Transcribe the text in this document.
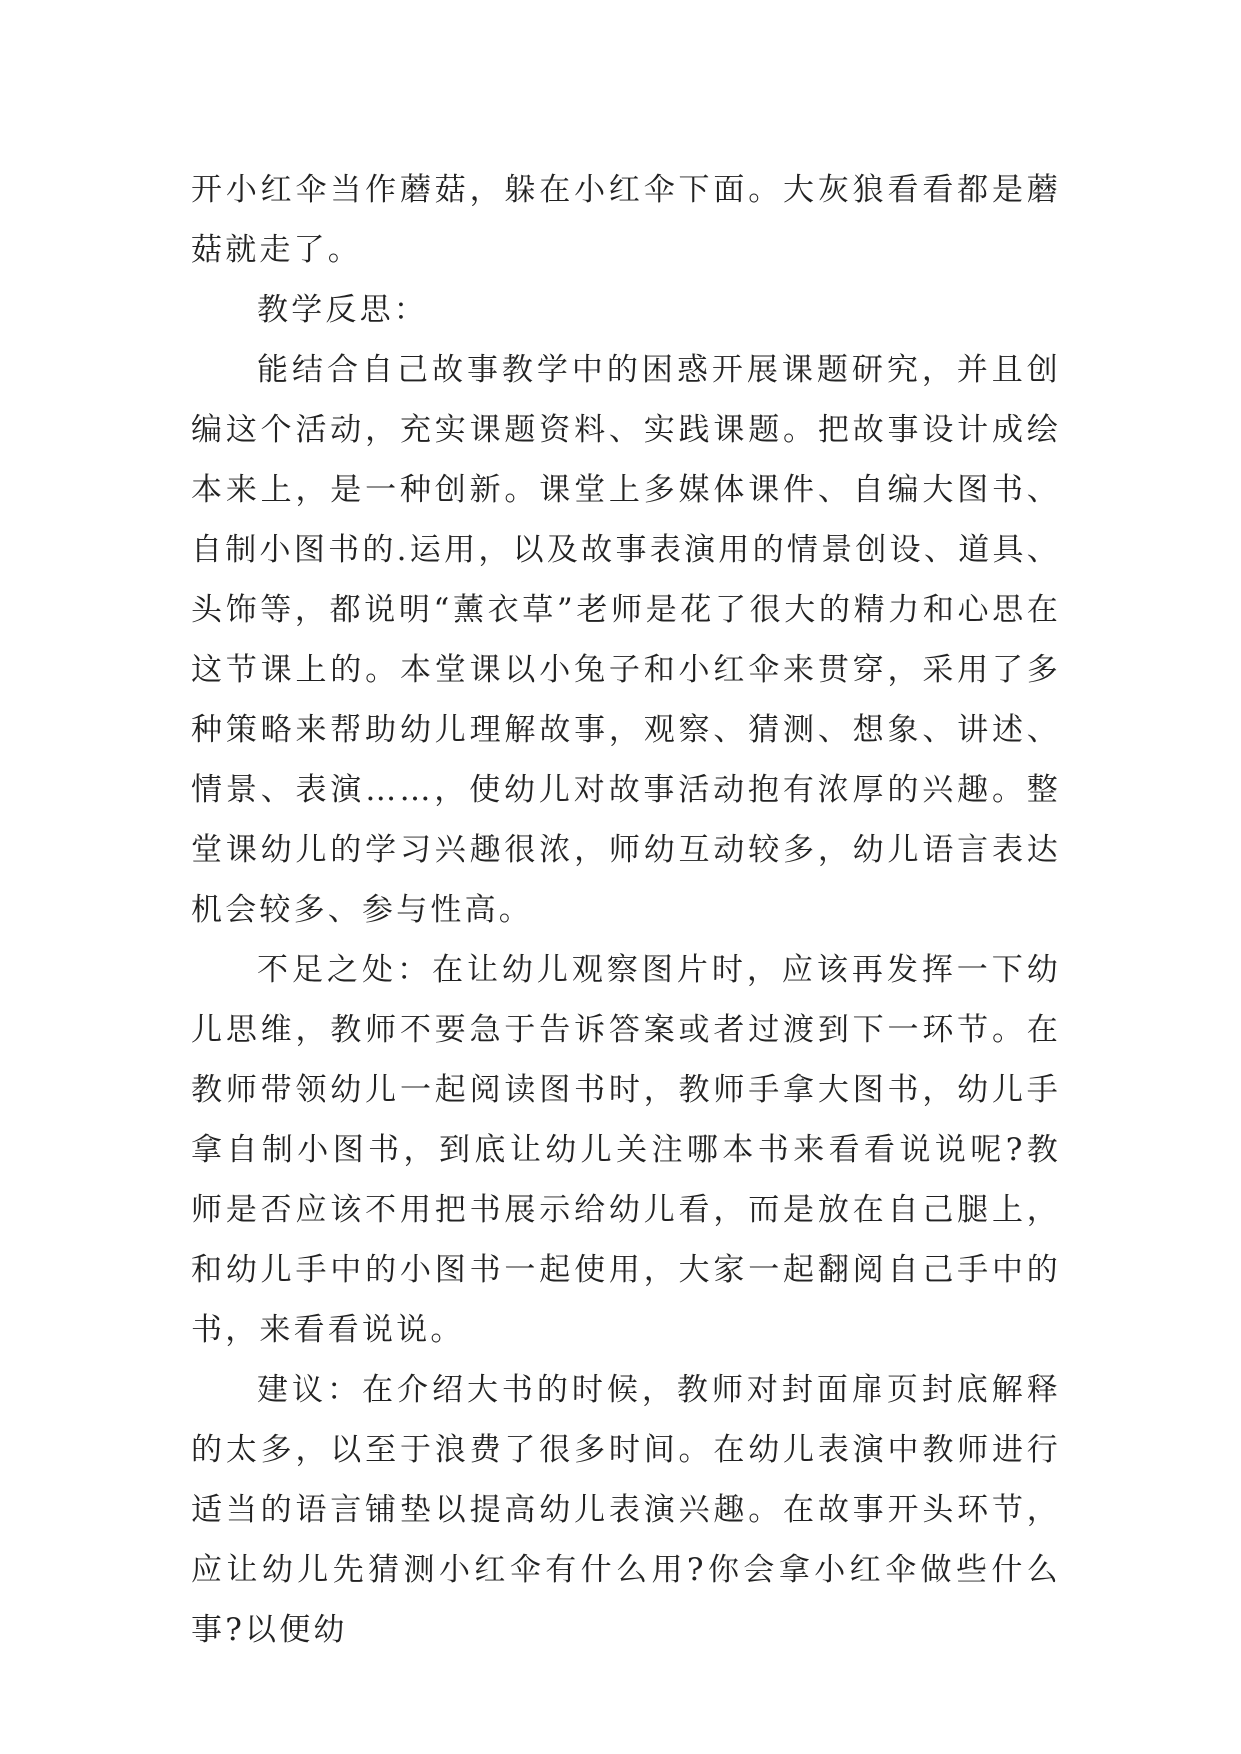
开小红伞当作蘑菇，躲在小红伞下面。大灰狼看看都是蘑菇就走了。

教学反思：

能结合自己故事教学中的困惑开展课题研究，并且创编这个活动，充实课题资料、实践课题。把故事设计成绘本来上，是一种创新。课堂上多媒体课件、自编大图书、自制小图书的.运用，以及故事表演用的情景创设、道具、头饰等，都说明“薰衣草”老师是花了很大的精力和心思在这节课上的。本堂课以小兔子和小红伞来贯穿，采用了多种策略来帮助幼儿理解故事，观察、猜测、想象、讲述、情景、表演……，使幼儿对故事活动抱有浓厚的兴趣。整堂课幼儿的学习兴趣很浓，师幼互动较多，幼儿语言表达机会较多、参与性高。

不足之处：在让幼儿观察图片时，应该再发挥一下幼儿思维，教师不要急于告诉答案或者过渡到下一环节。在教师带领幼儿一起阅读图书时，教师手拿大图书，幼儿手拿自制小图书，到底让幼儿关注哪本书来看看说说呢?教师是否应该不用把书展示给幼儿看，而是放在自己腿上，和幼儿手中的小图书一起使用，大家一起翻阅自己手中的书，来看看说说。

建议：在介绍大书的时候，教师对封面扉页封底解释的太多，以至于浪费了很多时间。在幼儿表演中教师进行适当的语言铺垫以提高幼儿表演兴趣。在故事开头环节，应让幼儿先猜测小红伞有什么用?你会拿小红伞做些什么事?以便幼
